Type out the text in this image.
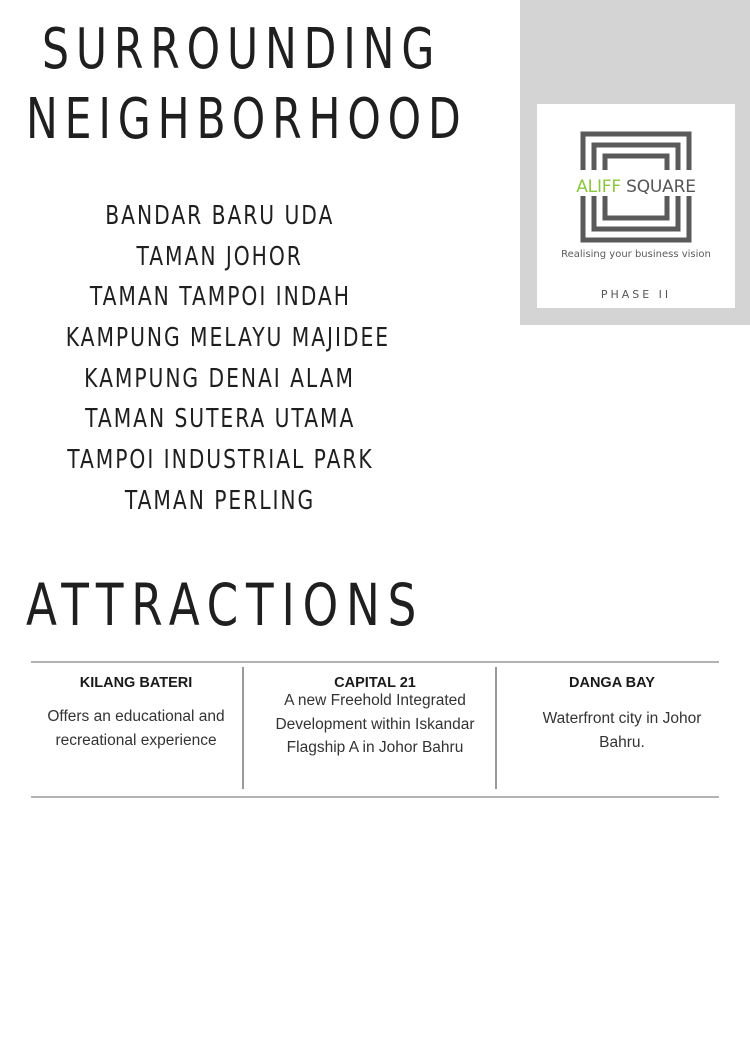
ALIFF SQUARE
Realising your business vision
PHASE II
SURROUNDING
NEIGHBORHOOD
BANDAR BARU UDA
TAMAN JOHOR
TAMAN TAMPOI INDAH
KAMPUNG MELAYU MAJIDEE
KAMPUNG DENAI ALAM
TAMAN SUTERA UTAMA
TAMPOI INDUSTRIAL PARK
TAMAN PERLING
ATTRACTIONS
KILANG BATERI
Offers an educational and recreational experience
CAPITAL 21
A new Freehold Integrated Development within Iskandar Flagship A in Johor Bahru
DANGA BAY
Waterfront city in Johor Bahru.
